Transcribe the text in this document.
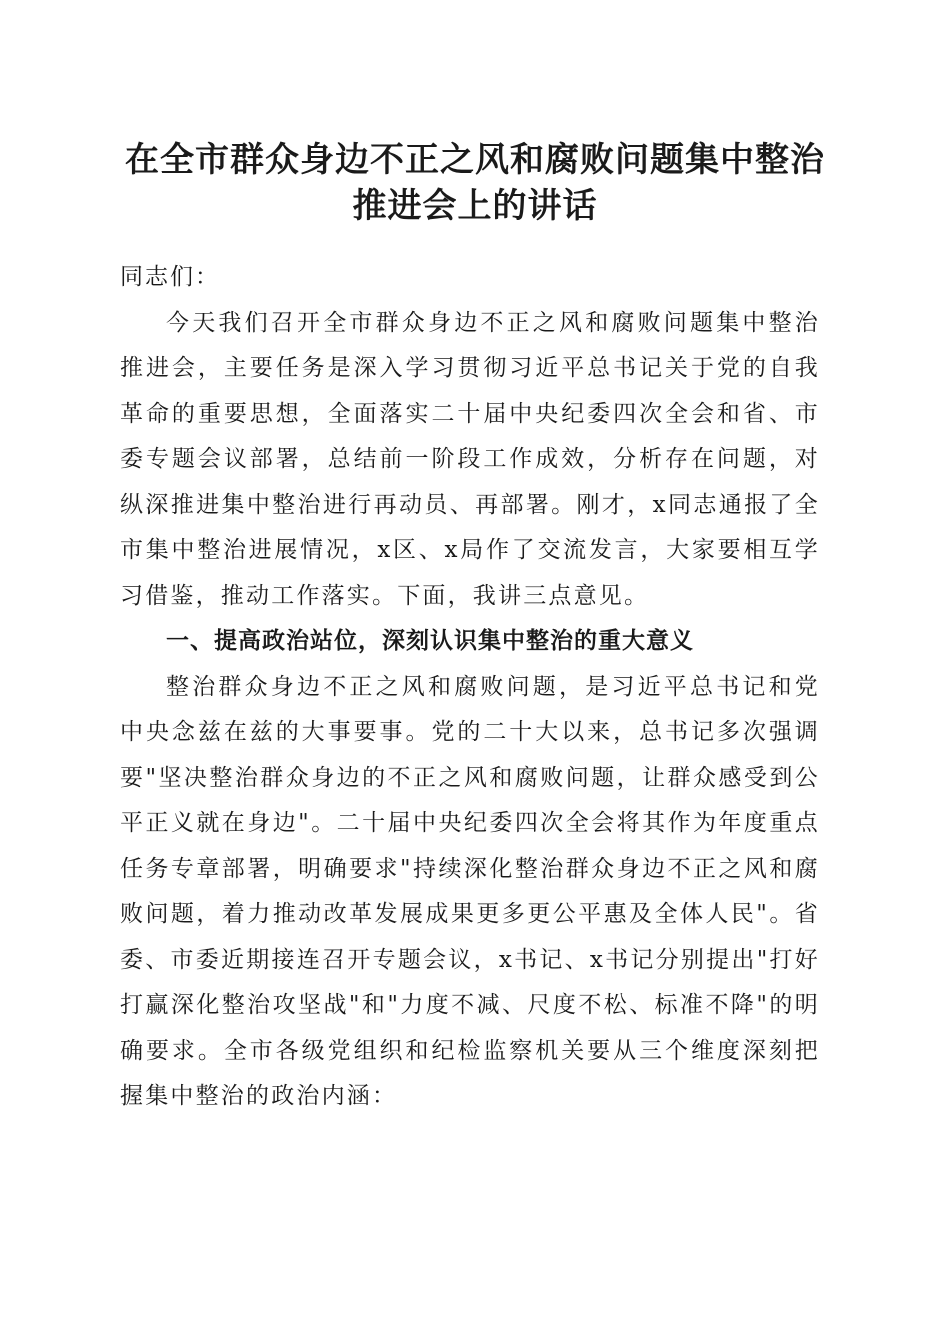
在全市群众身边不正之风和腐败问题集中整治
推进会上的讲话

同志们：

今天我们召开全市群众身边不正之风和腐败问题集中整治推进会，主要任务是深入学习贯彻习近平总书记关于党的自我革命的重要思想，全面落实二十届中央纪委四次全会和省、市委专题会议部署，总结前一阶段工作成效，分析存在问题，对纵深推进集中整治进行再动员、再部署。刚才，x同志通报了全市集中整治进展情况，x区、x局作了交流发言，大家要相互学习借鉴，推动工作落实。下面，我讲三点意见。

一、提高政治站位，深刻认识集中整治的重大意义

整治群众身边不正之风和腐败问题，是习近平总书记和党中央念兹在兹的大事要事。党的二十大以来，总书记多次强调要"坚决整治群众身边的不正之风和腐败问题，让群众感受到公平正义就在身边"。二十届中央纪委四次全会将其作为年度重点任务专章部署，明确要求"持续深化整治群众身边不正之风和腐败问题，着力推动改革发展成果更多更公平惠及全体人民"。省委、市委近期接连召开专题会议，x书记、x书记分别提出"打好打赢深化整治攻坚战"和"力度不减、尺度不松、标准不降"的明确要求。全市各级党组织和纪检监察机关要从三个维度深刻把握集中整治的政治内涵：
